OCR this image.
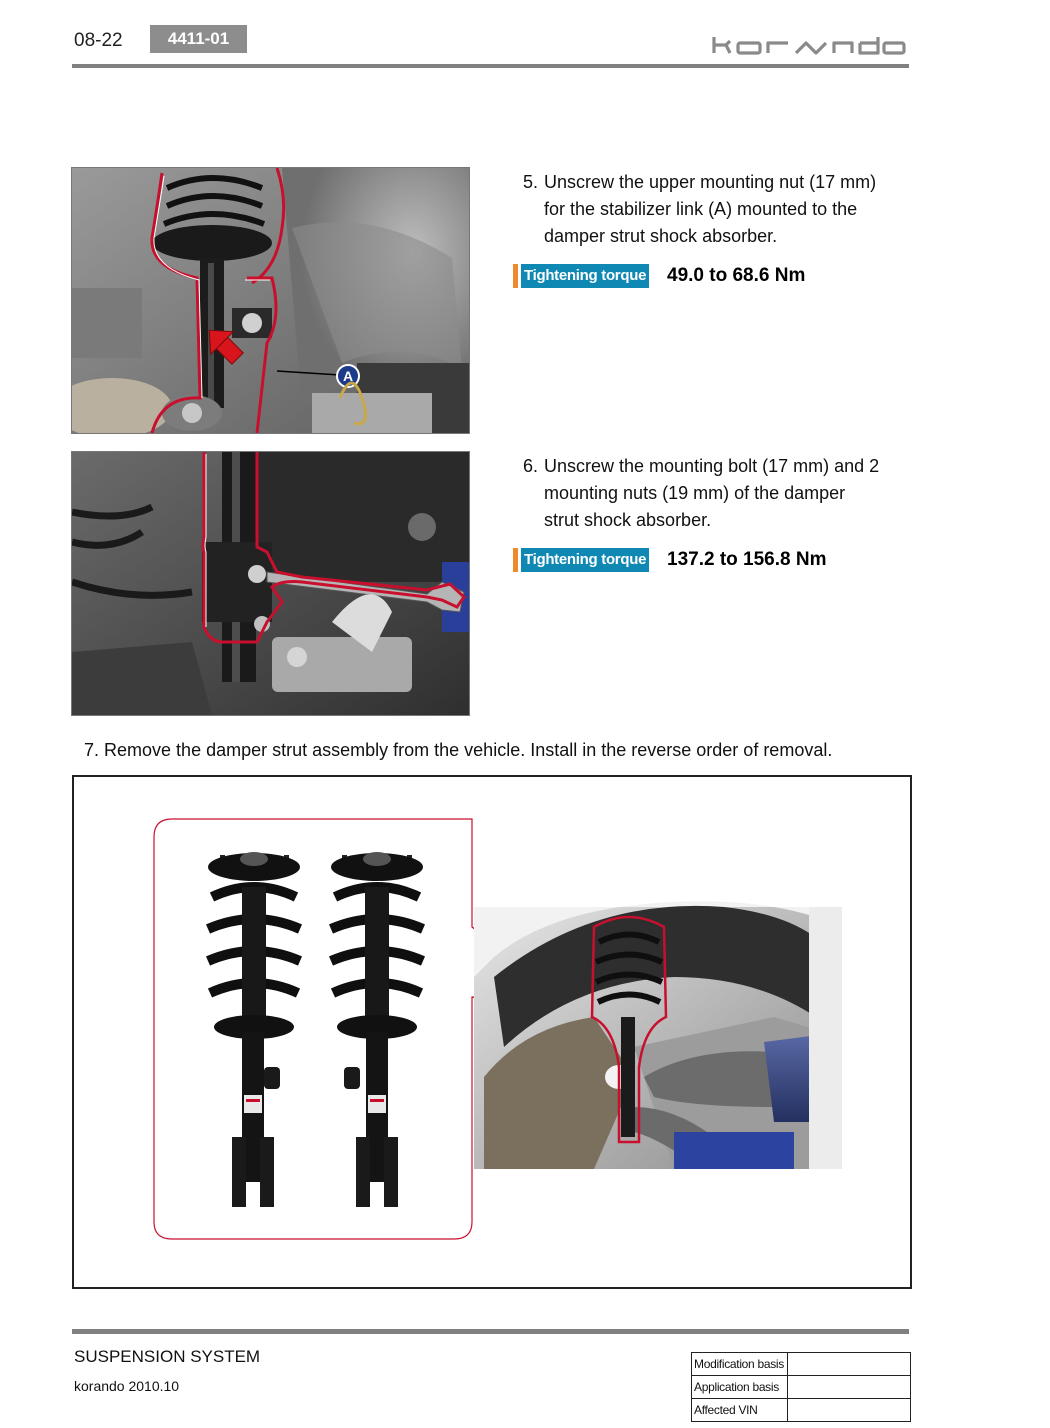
08-22	4411-01
A
5. Unscrew the upper mounting nut (17 mm)
for the stabilizer link (A) mounted to the
damper strut shock absorber.
Tightening torque 49.0 to 68.6 Nm
6. Unscrew the mounting bolt (17 mm) and 2
mounting nuts (19 mm) of the damper
strut shock absorber.
Tightening torque 137.2 to 156.8 Nm
7. Remove the damper strut assembly from the vehicle. Install in the reverse order of removal.
SUSPENSION SYSTEM
korando 2010.10
Modification basis	
Application basis	
Affected VIN	
